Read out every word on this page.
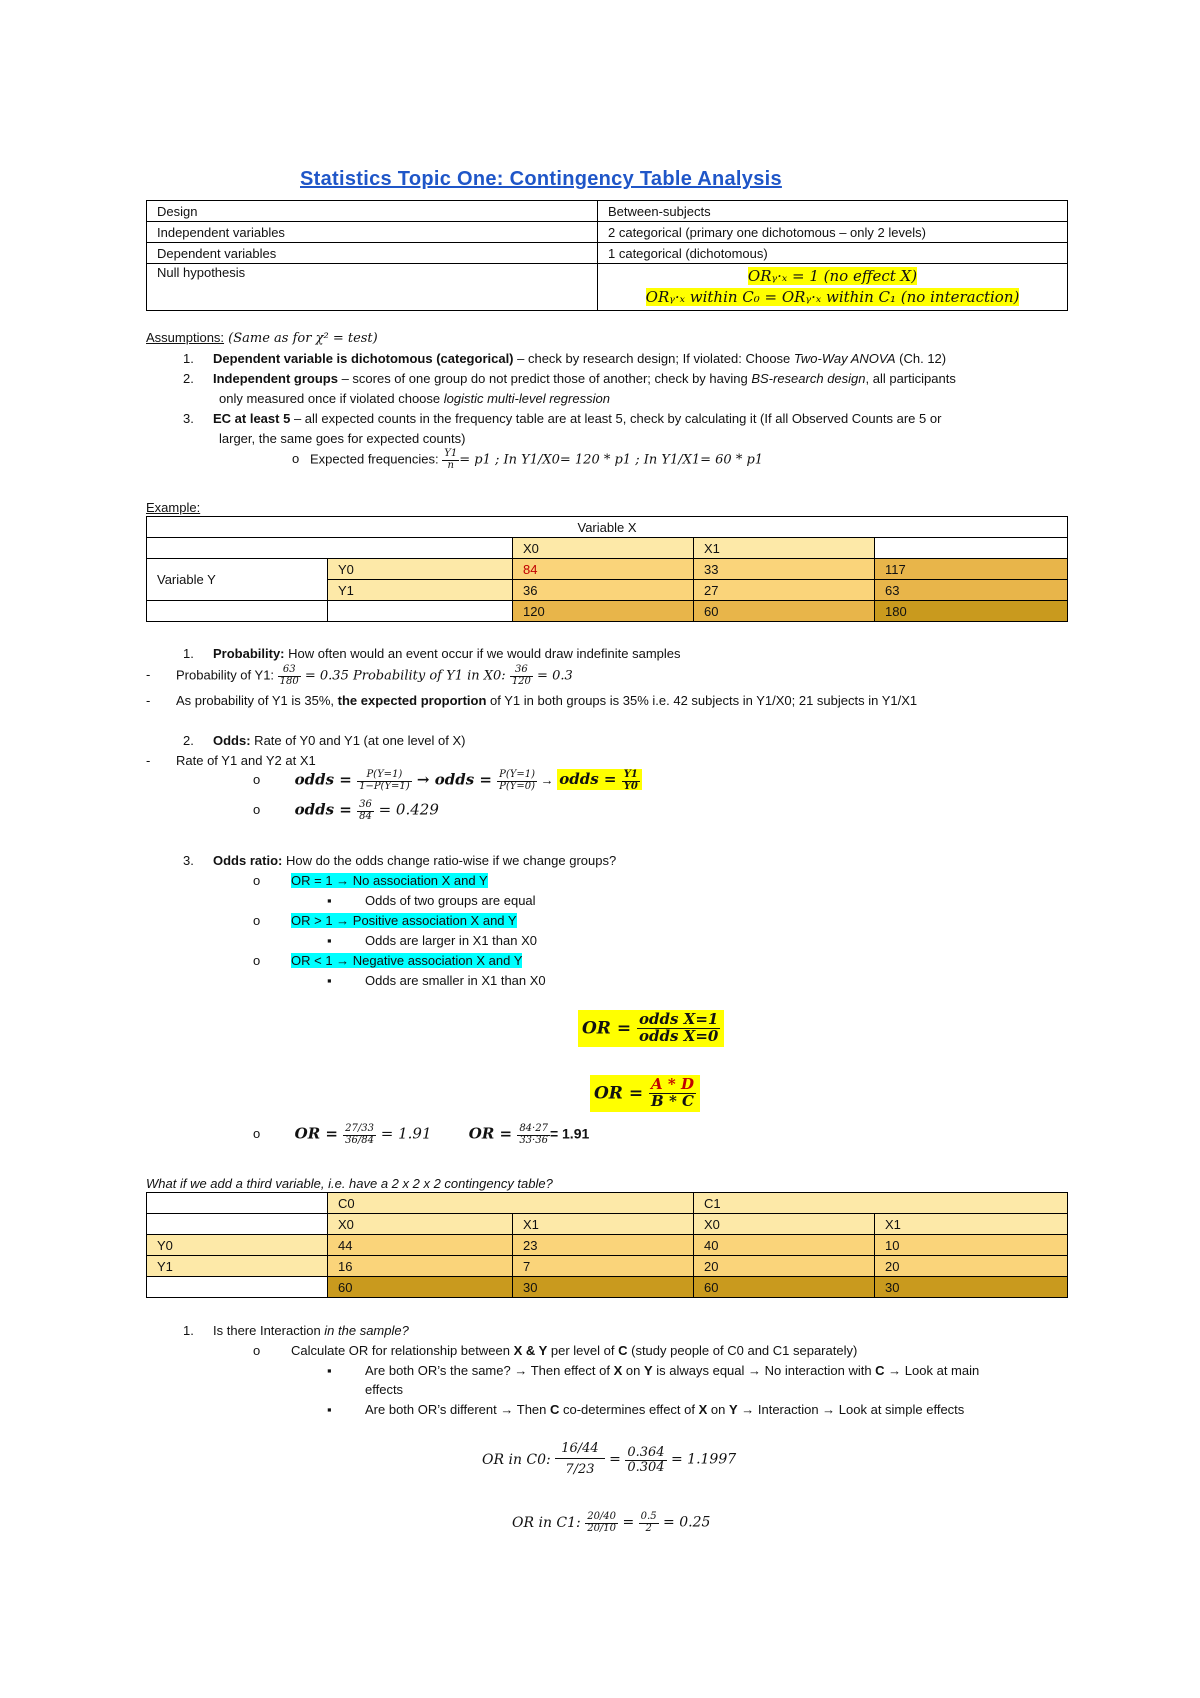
Statistics Topic One: Contingency Table Analysis
Design	Between-subjects
Independent variables	2 categorical (primary one dichotomous – only 2 levels)
Dependent variables	1 categorical (dichotomous)
Null hypothesis	ORᵧ·ₓ = 1 (no effect X)
ORᵧ·ₓ within C₀ = ORᵧ·ₓ within C₁ (no interaction)
Assumptions: (Same as for χ² = test)
1. Dependent variable is dichotomous (categorical) – check by research design; If violated: Choose Two-Way ANOVA (Ch. 12)
2. Independent groups – scores of one group do not predict those of another; check by having BS-research design, all participants
only measured once if violated choose logistic multi-level regression
3. EC at least 5 – all expected counts in the frequency table are at least 5, check by calculating it (If all Observed Counts are 5 or
larger, the same goes for expected counts)
o Expected frequencies: $\frac{Y1}{n} = p1$ ; In Y1/X0= 120 * p1 ; In Y1/X1= 60 * p1
Example:
Variable X				
		X0	X1	
Variable Y	Y0	84	33	117
	Y1	36	27	63
		120	60	180
1. Probability: How often would an event occur if we would draw indefinite samples
- Probability of Y1: $\frac{63}{180} = 0.35$ Probability of Y1 in X0: $\frac{36}{120} = 0.3$
- As probability of Y1 is 35%, the expected proportion of Y1 in both groups is 35% i.e. 42 subjects in Y1/X0; 21 subjects in Y1/X1
2. Odds: Rate of Y0 and Y1 (at one level of X)
- Rate of Y1 and Y2 at X1
o odds = $\frac{P(Y=1)}{1-P(Y=1)}$ → odds = $\frac{P(Y=1)}{P(Y=0)}$ → odds = $\frac{Y1}{Y0}$
o odds = $\frac{36}{84} = 0.429$
3. Odds ratio: How do the odds change ratio-wise if we change groups?
o OR = 1 → No association X and Y
▪	Odds of two groups are equal
o OR > 1 → Positive association X and Y
▪	Odds are larger in X1 than X0
o OR < 1 → Negative association X and Y
▪	Odds are smaller in X1 than X0
OR = $\frac{\text{odds X=1}}{\text{odds X=0}}$
OR = $\frac{A * D}{B * C}$
o OR = $\frac{27/33}{36/84} = 1.91$ OR = $\frac{84\cdot 27}{33\cdot 36} = 1.91$
What if we add a third variable, i.e. have a 2 x 2 x 2 contingency table?
	C0		C1	
	X0	X1	X0	X1
Y0	44	23	40	10
Y1	16	7	20	20
	60	30	60	30
1. Is there Interaction in the sample?
o Calculate OR for relationship between X & Y per level of C (study people of C0 and C1 separately)
▪	Are both OR’s the same? → Then effect of X on Y is always equal → No interaction with C → Look at main
effects
▪	Are both OR’s different → Then C co-determines effect of X on Y → Interaction → Look at simple effects
OR in C0: $\frac{16/44}{7/23} = \frac{0.364}{0.304} = 1.1997$
OR in C1: $\frac{20/40}{20/10} = \frac{0.5}{2} = 0.25$
